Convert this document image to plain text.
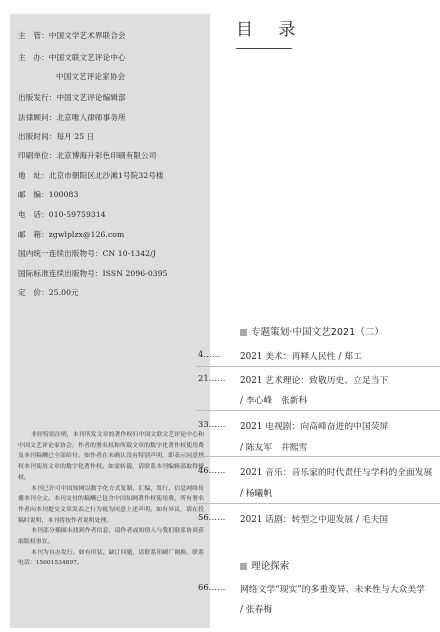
主　管：中国文学艺术界联合会
主　办：中国文联文艺评论中心
中国文艺评论家协会
出版发行：中国文艺评论编辑部
法律顾问：北京唯人律师事务所
出版时间：每月 25 日
印刷单位：北京博海升彩色印刷有限公司
地　址：北京市朝阳区北沙滩1号院32号楼
邮　编：100083
电　话：010-59759314
邮　箱：zgwlplzx@126.com
国内统一连续出版物号：CN 10-1342/J
国际标准连续出版物号：ISSN 2096-0395
定　价：25.00元

非经特别注明，本刊所发文章的著作权归中国文联文艺评论中心和中国文艺评论家协会，作者的署名权和所载文章的数字化著作权使用费及本刊稿酬已全部给付。如作者在未确认没有特别声明，即表示同意授权本刊使用文章的数字化著作权。如需转载，请联系本刊编辑部取得授权。

本刊已许可中国知网以数字化方式复制、汇编、发行、信息网络传播本刊全文。本刊支付的稿酬已包含中国知网著作权使用费，所有署名作者向本刊提交文章发表之行为视为同意上述声明。如有异议，请在投稿时说明，本刊将按作者说明处理。

本刊部分插图未找到作者信息，请作者或知情人与我们联系协商获取版权事宜。

本刊为自办发行。如有印装、缺订问题，请联系印刷厂调换，联系电话：15601534897。

目 录
专题策划·中国文艺2021（二）
4……	2021 美术：再释人民性 / 郑工
21……	2021 艺术理论：致敬历史、立足当下
/ 李心峰　张新科
33……	2021 电视剧：向高峰奋进的中国荧屏
/ 陈友军　井熙雪
46……	2021 音乐：音乐家的时代责任与学科的全面发展
/ 杨曦帆
56……	2021 话剧：转型之中迎发展 / 毛夫国
理论探索
66……	网络文学“现实”的多重变异、未来性与大众美学
/ 张春梅
